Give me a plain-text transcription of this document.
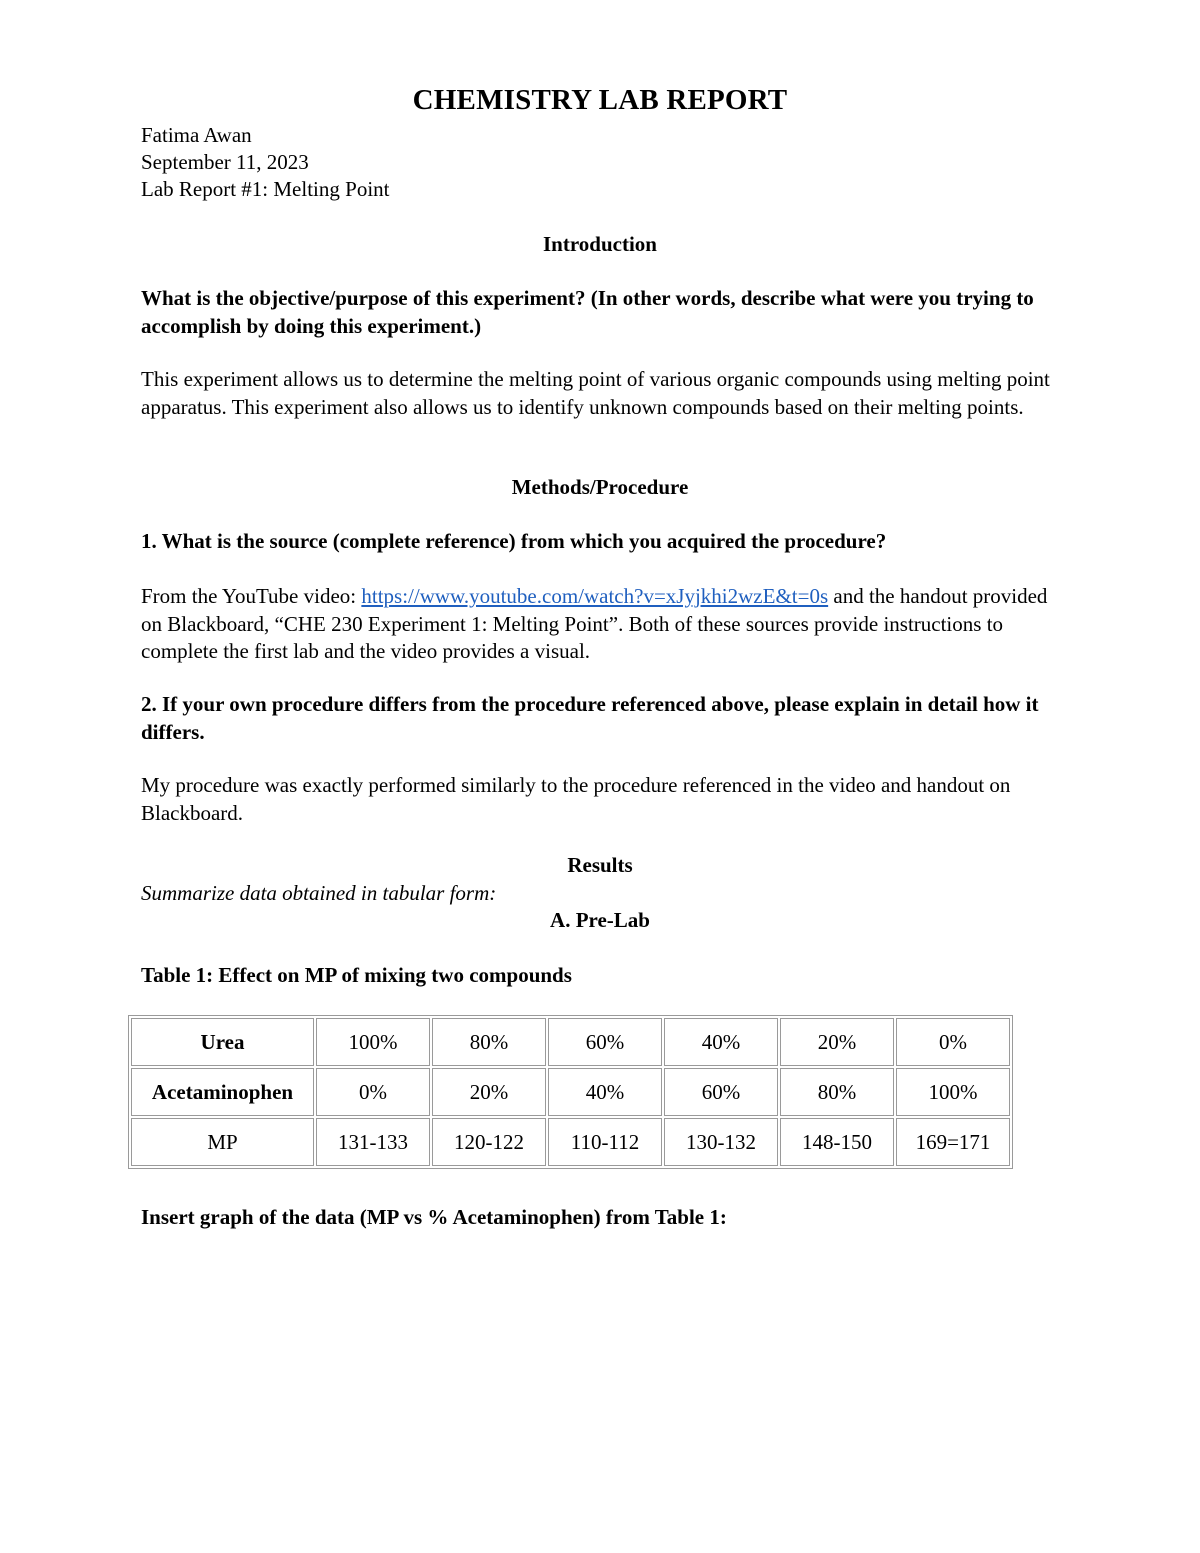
CHEMISTRY LAB REPORT
Fatima Awan
September 11, 2023
Lab Report #1: Melting Point
Introduction
What is the objective/purpose of this experiment? (In other words, describe what were you trying to accomplish by doing this experiment.)
This experiment allows us to determine the melting point of various organic compounds using melting point apparatus. This experiment also allows us to identify unknown compounds based on their melting points.
Methods/Procedure
1. What is the source (complete reference) from which you acquired the procedure?
From the YouTube video: https://www.youtube.com/watch?v=xJyjkhi2wzE&t=0s and the handout provided on Blackboard, “CHE 230 Experiment 1: Melting Point”. Both of these sources provide instructions to complete the first lab and the video provides a visual.
2. If your own procedure differs from the procedure referenced above, please explain in detail how it differs.
My procedure was exactly performed similarly to the procedure referenced in the video and handout on Blackboard.
Results
Summarize data obtained in tabular form:
A. Pre-Lab
Table 1: Effect on MP of mixing two compounds
Urea	100%	80%	60%	40%	20%	0%
Acetaminophen	0%	20%	40%	60%	80%	100%
MP	131-133	120-122	110-112	130-132	148-150	169=171
Insert graph of the data (MP vs % Acetaminophen) from Table 1:
